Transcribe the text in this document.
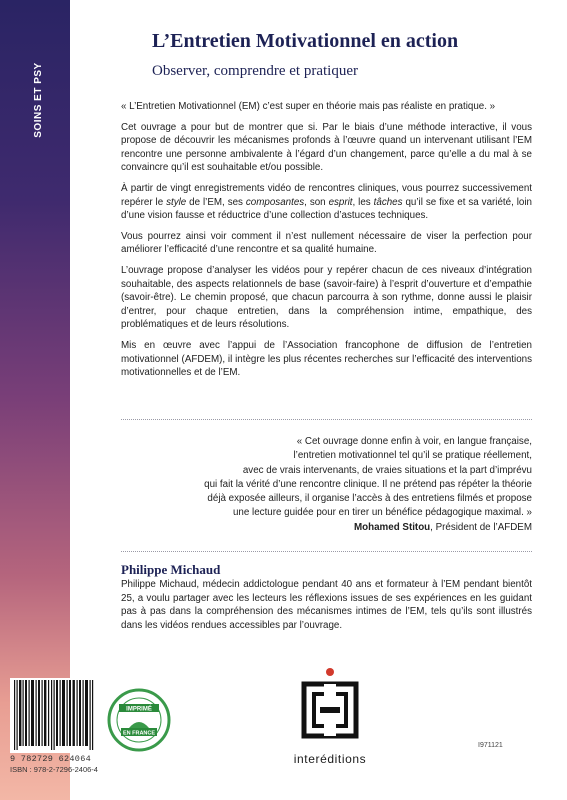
SOINS ET PSY
L’Entretien Motivationnel en action
Observer, comprendre et pratiquer

« L’Entretien Motivationnel (EM) c’est super en théorie mais pas réaliste en pratique. »

Cet ouvrage a pour but de montrer que si. Par le biais d’une méthode interactive, il vous propose de découvrir les mécanismes profonds à l’œuvre quand un intervenant utilisant l’EM rencontre une personne ambivalente à l’égard d’un changement, parce qu’elle a du mal à se convaincre qu’il est souhaitable et/ou possible.

À partir de vingt enregistrements vidéo de rencontres cliniques, vous pourrez successivement repérer le style de l’EM, ses composantes, son esprit, les tâches qu’il se fixe et sa variété, loin d’une vision fausse et réductrice d’une collection d’astuces techniques.

Vous pourrez ainsi voir comment il n’est nullement nécessaire de viser la perfection pour améliorer l’efficacité d’une rencontre et sa qualité humaine.

L’ouvrage propose d’analyser les vidéos pour y repérer chacun de ces niveaux d’intégration souhaitable, des aspects relationnels de base (savoir-faire) à l’esprit d’ouverture et d’empathie (savoir-être). Le chemin proposé, que chacun parcourra à son rythme, donne aussi le plaisir d’entrer, pour chaque entretien, dans la compréhension intime, empathique, des problématiques et de leurs résolutions.

Mis en œuvre avec l’appui de l’Association francophone de diffusion de l’entretien motivationnel (AFDEM), il intègre les plus récentes recherches sur l’efficacité des interventions motivationnelles et de l’EM.

« Cet ouvrage donne enfin à voir, en langue française,

l’entretien motivationnel tel qu’il se pratique réellement,

avec de vrais intervenants, de vraies situations et la part d’imprévu

qui fait la vérité d’une rencontre clinique. Il ne prétend pas répéter la théorie

déjà exposée ailleurs, il organise l’accès à des entretiens filmés et propose

une lecture guidée pour en tirer un bénéfice pédagogique maximal. »

Mohamed Stitou, Président de l’AFDEM

Philippe Michaud
Philippe Michaud, médecin addictologue pendant 40 ans et formateur à l’EM pendant bientôt 25, a voulu partager avec les lecteurs les réflexions issues de ses expériences en les guidant pas à pas dans la compréhension des mécanismes intimes de l’EM, tels qu’ils sont illustrés dans les vidéos rendues accessibles par l’ouvrage.
9 782729 624064
I971121
ISBN : 978-2-7296-2406-4
IMPRIMÉ
EN FRANCE
interéditions
